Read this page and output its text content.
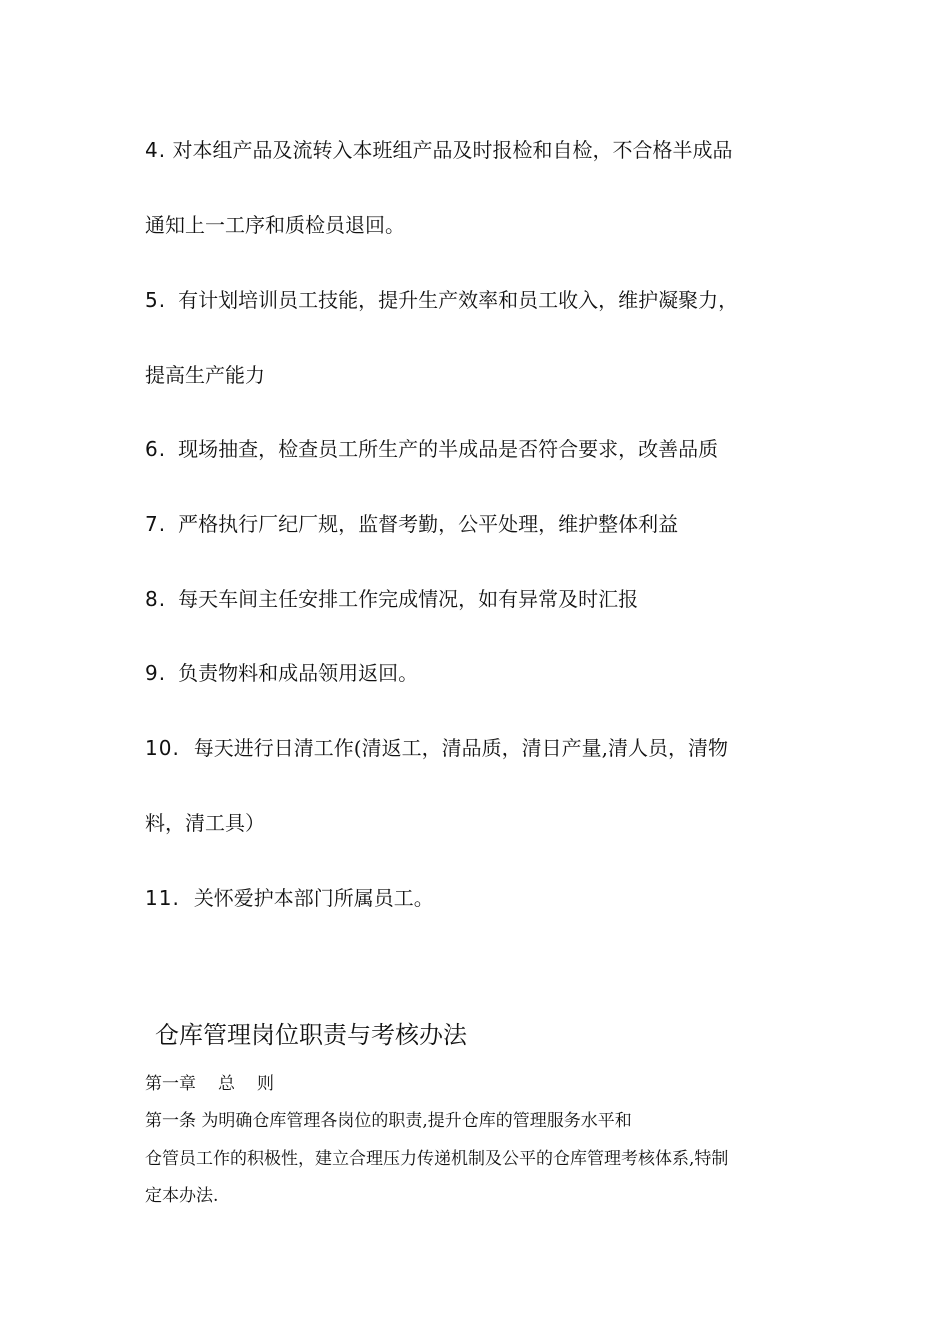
4. 对本组产品及流转入本班组产品及时报检和自检，不合格半成品
通知上一工序和质检员退回。
5. 有计划培训员工技能，提升生产效率和员工收入，维护凝聚力，
提高生产能力
6. 现场抽查，检查员工所生产的半成品是否符合要求，改善品质
7. 严格执行厂纪厂规，监督考勤，公平处理，维护整体利益
8. 每天车间主任安排工作完成情况，如有异常及时汇报
9. 负责物料和成品领用返回。
10. 每天进行日清工作(清返工，清品质，清日产量,清人员，清物
料，清工具）
11. 关怀爱护本部门所属员工。
仓库管理岗位职责与考核办法
第一章 总 则
第一条 为明确仓库管理各岗位的职责,提升仓库的管理服务水平和
仓管员工作的积极性，建立合理压力传递机制及公平的仓库管理考核体系,特制
定本办法.
